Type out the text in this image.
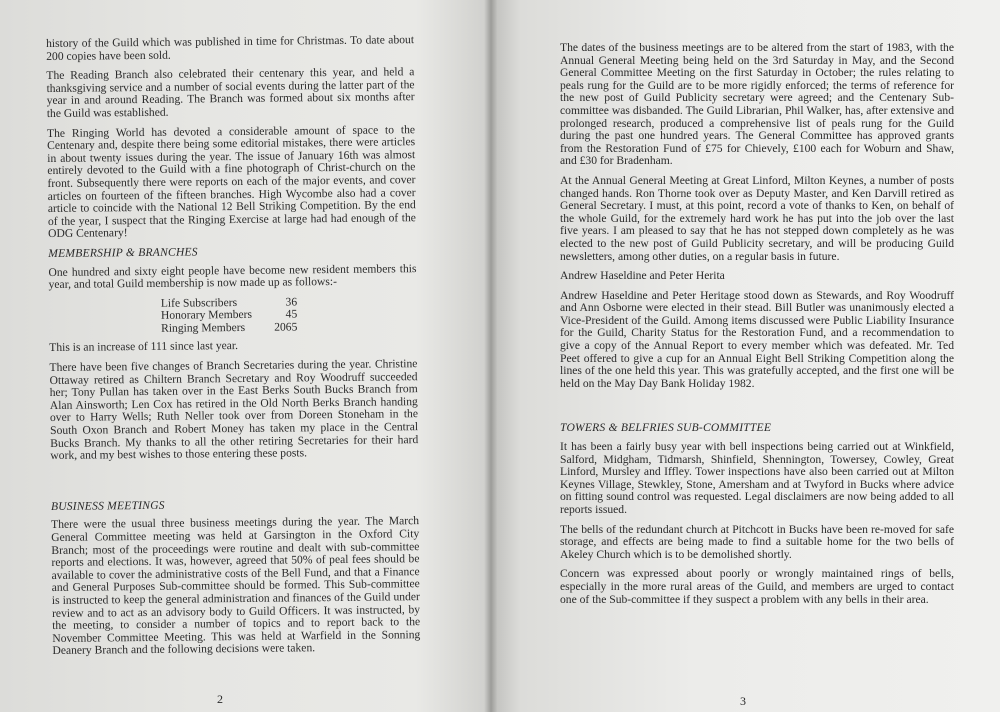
history of the Guild which was published in time for Christmas. To date about 200 copies have been sold.

The Reading Branch also celebrated their centenary this year, and held a thanksgiving service and a number of social events during the latter part of the year in and around Reading. The Branch was formed about six months after the Guild was established.

The Ringing World has devoted a considerable amount of space to the Centenary and, despite there being some editorial mistakes, there were articles in about twenty issues during the year. The issue of January 16th was almost entirely devoted to the Guild with a fine photograph of Christ-church on the front. Subsequently there were reports on each of the major events, and cover articles on fourteen of the fifteen branches. High Wycombe also had a cover article to coincide with the National 12 Bell Striking Competition. By the end of the year, I suspect that the Ringing Exercise at large had had enough of the ODG Centenary!

MEMBERSHIP & BRANCHES

One hundred and sixty eight people have become new resident members this year, and total Guild membership is now made up as follows:-

Life Subscribers	36
Honorary Members	45
Ringing Members	2065

This is an increase of 111 since last year.

There have been five changes of Branch Secretaries during the year. Christine Ottaway retired as Chiltern Branch Secretary and Roy Woodruff succeeded her; Tony Pullan has taken over in the East Berks South Bucks Branch from Alan Ainsworth; Len Cox has retired in the Old North Berks Branch handing over to Harry Wells; Ruth Neller took over from Doreen Stoneham in the South Oxon Branch and Robert Money has taken my place in the Central Bucks Branch. My thanks to all the other retiring Secretaries for their hard work, and my best wishes to those entering these posts.

BUSINESS MEETINGS

There were the usual three business meetings during the year. The March General Committee meeting was held at Garsington in the Oxford City Branch; most of the proceedings were routine and dealt with sub-committee reports and elections. It was, however, agreed that 50% of peal fees should be available to cover the administrative costs of the Bell Fund, and that a Finance and General Purposes Sub-committee should be formed. This Sub-committee is instructed to keep the general administration and finances of the Guild under review and to act as an advisory body to Guild Officers. It was instructed, by the meeting, to consider a number of topics and to report back to the November Committee Meeting. This was held at Warfield in the Sonning Deanery Branch and the following decisions were taken.

2

The dates of the business meetings are to be altered from the start of 1983, with the Annual General Meeting being held on the 3rd Saturday in May, and the Second General Committee Meeting on the first Saturday in October; the rules relating to peals rung for the Guild are to be more rigidly enforced; the terms of reference for the new post of Guild Publicity secretary were agreed; and the Centenary Sub-committee was disbanded. The Guild Librarian, Phil Walker, has, after extensive and prolonged research, produced a comprehensive list of peals rung for the Guild during the past one hundred years. The General Committee has approved grants from the Restoration Fund of £75 for Chievely, £100 each for Woburn and Shaw, and £30 for Bradenham.

At the Annual General Meeting at Great Linford, Milton Keynes, a number of posts changed hands. Ron Thorne took over as Deputy Master, and Ken Darvill retired as General Secretary. I must, at this point, record a vote of thanks to Ken, on behalf of the whole Guild, for the extremely hard work he has put into the job over the last five years. I am pleased to say that he has not stepped down completely as he was elected to the new post of Guild Publicity secretary, and will be producing Guild newsletters, among other duties, on a regular basis in future.

Andrew Haseldine and Peter Herita

Andrew Haseldine and Peter Heritage stood down as Stewards, and Roy Woodruff and Ann Osborne were elected in their stead. Bill Butler was unanimously elected a Vice-President of the Guild. Among items discussed were Public Liability Insurance for the Guild, Charity Status for the Restoration Fund, and a recommendation to give a copy of the Annual Report to every member which was defeated. Mr. Ted Peet offered to give a cup for an Annual Eight Bell Striking Competition along the lines of the one held this year. This was gratefully accepted, and the first one will be held on the May Day Bank Holiday 1982.

TOWERS & BELFRIES SUB-COMMITTEE

It has been a fairly busy year with bell inspections being carried out at Winkfield, Salford, Midgham, Tidmarsh, Shinfield, Shennington, Towersey, Cowley, Great Linford, Mursley and Iffley. Tower inspections have also been carried out at Milton Keynes Village, Stewkley, Stone, Amersham and at Twyford in Bucks where advice on fitting sound control was requested. Legal disclaimers are now being added to all reports issued.

The bells of the redundant church at Pitchcott in Bucks have been re-moved for safe storage, and effects are being made to find a suitable home for the two bells of Akeley Church which is to be demolished shortly.

Concern was expressed about poorly or wrongly maintained rings of bells, especially in the more rural areas of the Guild, and members are urged to contact one of the Sub-committee if they suspect a problem with any bells in their area.

3
